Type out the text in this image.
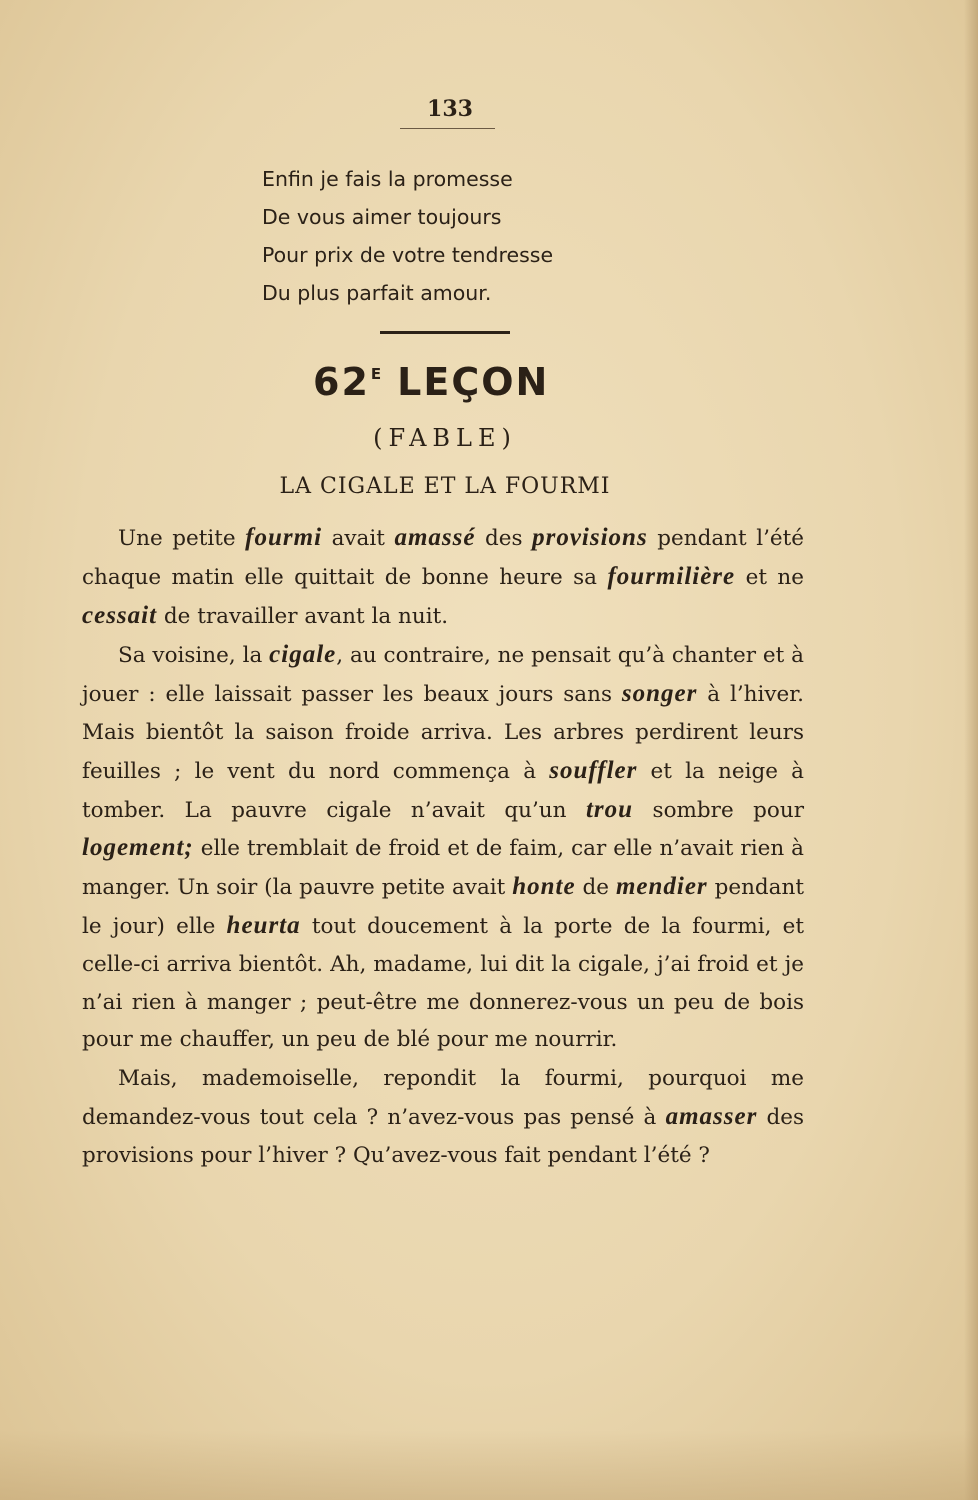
133
Enfin je fais la promesse
De vous aimer toujours
Pour prix de votre tendresse
Du plus parfait amour.
$62^E$ LEÇON
(FABLE)
LA CIGALE ET LA FOURMI

Une petite fourmi avait amassé des provisions pendant l’été chaque matin elle quittait de bonne heure sa fourmilière et ne cessait de travailler avant la nuit.

Sa voisine, la cigale, au contraire, ne pensait qu’à chanter et à jouer : elle laissait passer les beaux jours sans songer à l’hiver. Mais bientôt la saison froide arriva. Les arbres perdirent leurs feuilles ; le vent du nord commença à souffler et la neige à tomber. La pauvre cigale n’avait qu’un trou sombre pour logement; elle tremblait de froid et de faim, car elle n’avait rien à manger. Un soir (la pauvre petite avait honte de mendier pendant le jour) elle heurta tout doucement à la porte de la fourmi, et celle-ci arriva bientôt. Ah, madame, lui dit la cigale, j’ai froid et je n’ai rien à manger ; peut-être me donnerez-vous un peu de bois pour me chauffer, un peu de blé pour me nourrir.

Mais, mademoiselle, repondit la fourmi, pourquoi me demandez-vous tout cela ? n’avez-vous pas pensé à amasser des provisions pour l’hiver ? Qu’avez-vous fait pendant l’été ?
